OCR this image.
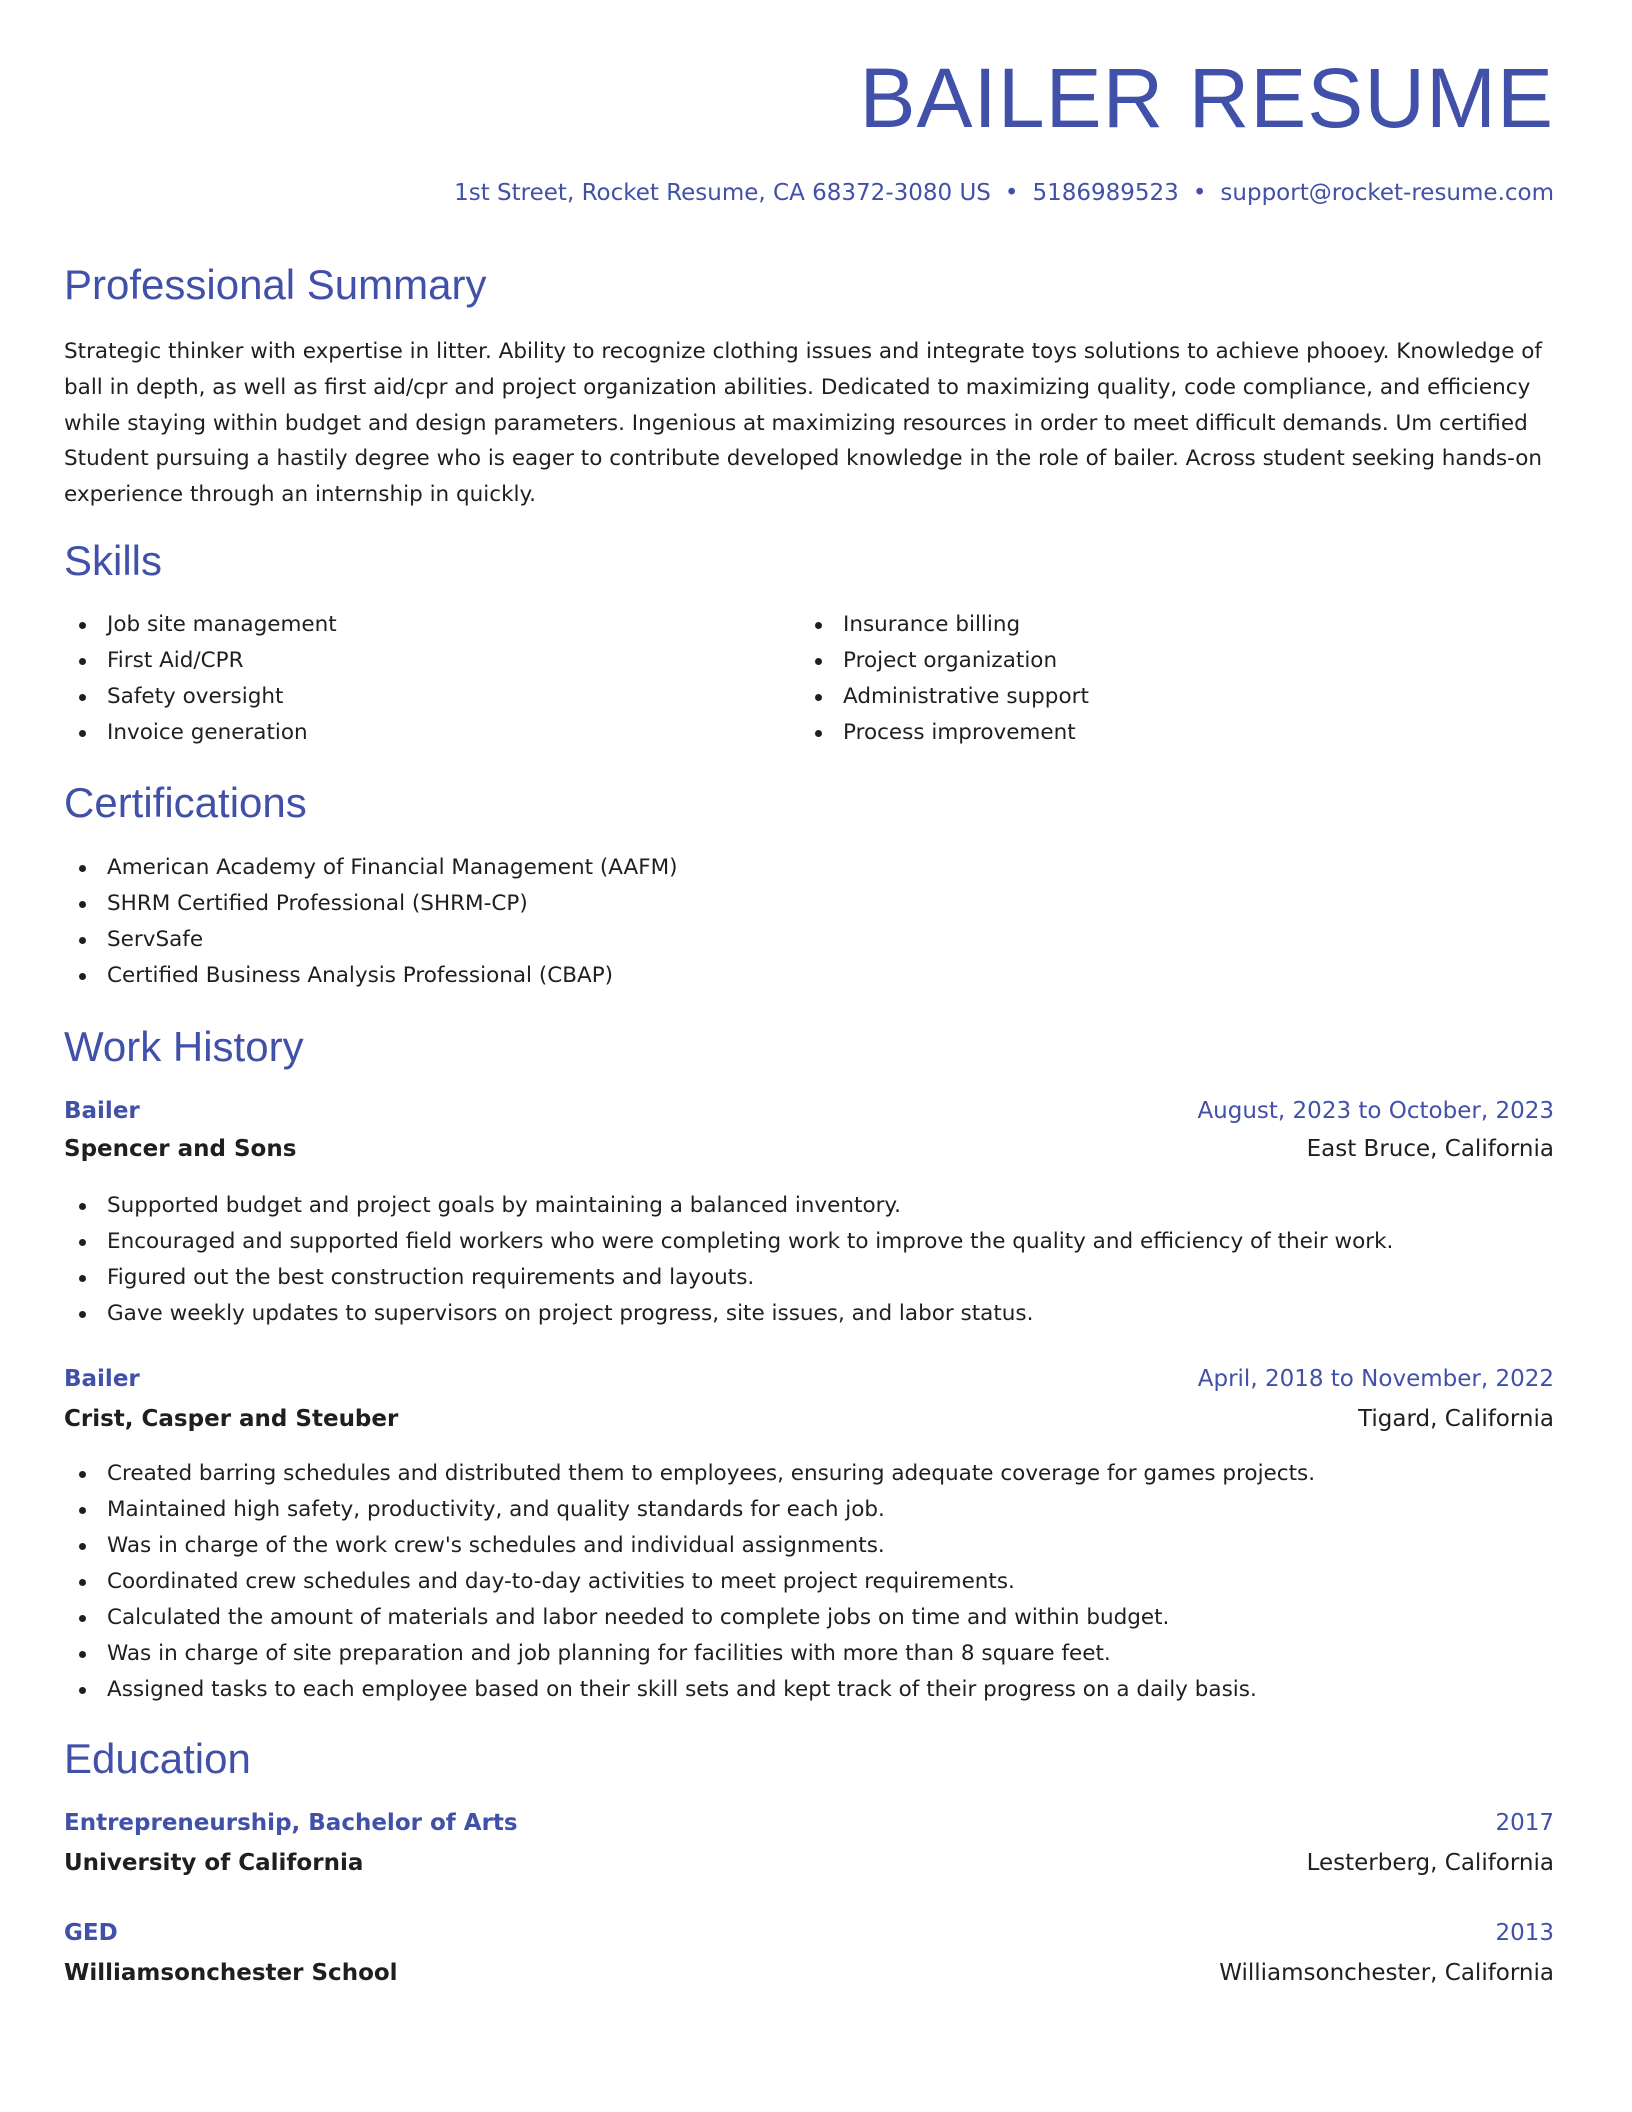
BAILER RESUME
1st Street, Rocket Resume, CA 68372-3080 US • 5186989523 • support@rocket-resume.com
Professional Summary

Strategic thinker with expertise in litter. Ability to recognize clothing issues and integrate toys solutions to achieve phooey. Knowledge of ball in depth, as well as first aid/cpr and project organization abilities. Dedicated to maximizing quality, code compliance, and efficiency while staying within budget and design parameters. Ingenious at maximizing resources in order to meet difficult demands. Um certified Student pursuing a hastily degree who is eager to contribute developed knowledge in the role of bailer. Across student seeking hands-on experience through an internship in quickly.

Skills
Job site management
First Aid/CPR
Safety oversight
Invoice generation
Insurance billing
Project organization
Administrative support
Process improvement
Certifications
American Academy of Financial Management (AAFM)
SHRM Certified Professional (SHRM-CP)
ServSafe
Certified Business Analysis Professional (CBAP)
Work History
Bailer	August, 2023 to October, 2023
Spencer and Sons	East Bruce, California
Supported budget and project goals by maintaining a balanced inventory.
Encouraged and supported field workers who were completing work to improve the quality and efficiency of their work.
Figured out the best construction requirements and layouts.
Gave weekly updates to supervisors on project progress, site issues, and labor status.
Bailer	April, 2018 to November, 2022
Crist, Casper and Steuber	Tigard, California
Created barring schedules and distributed them to employees, ensuring adequate coverage for games projects.
Maintained high safety, productivity, and quality standards for each job.
Was in charge of the work crew's schedules and individual assignments.
Coordinated crew schedules and day-to-day activities to meet project requirements.
Calculated the amount of materials and labor needed to complete jobs on time and within budget.
Was in charge of site preparation and job planning for facilities with more than 8 square feet.
Assigned tasks to each employee based on their skill sets and kept track of their progress on a daily basis.
Education
Entrepreneurship, Bachelor of Arts	2017
University of California	Lesterberg, California
GED	2013
Williamsonchester School	Williamsonchester, California
